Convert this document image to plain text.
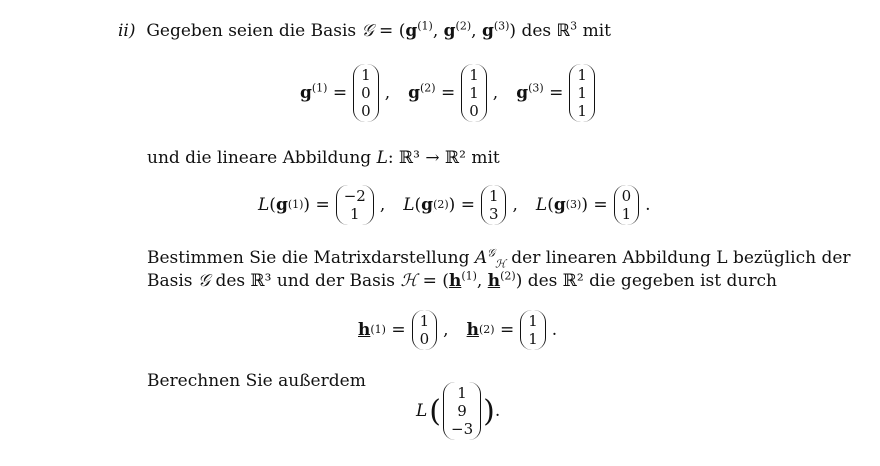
ii) Gegeben seien die Basis 𝒢 = ($g^{(1)}$, $g^{(2)}$, $g^{(3)}$) des ℝ$^3$ mit
$g^{(1)}$ =
1
0
0
, $g^{(2)}$ =
1
1
0
, $g^{(3)}$ =
1
1
1
und die lineare Abbildung L: ℝ³ → ℝ² mit
L ( g (1) ) = −2
1 , L ( g (2) ) = 1
3 , L ( g (3) ) = 0
1 .
Bestimmen Sie die Matrixdarstellung $A^𝒢_ℋ$ der linearen Abbildung L bezüglich der
Basis 𝒢 des ℝ³ und der Basis ℋ = ($h^{(1)}$, $h^{(2)}$) des ℝ² die gegeben ist durch
h (1) = 1
0 , h (2) = 1
1 .
Berechnen Sie außerdem
L (
1
9
−3
) .
